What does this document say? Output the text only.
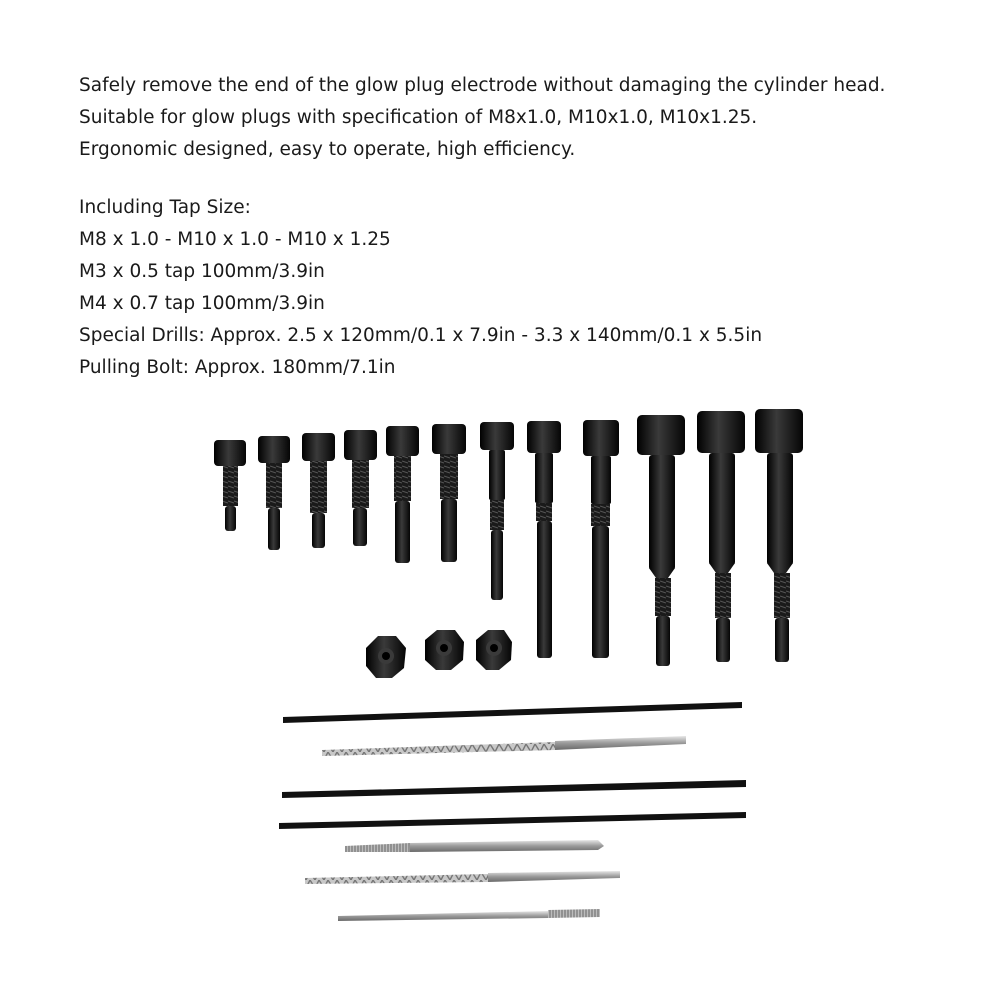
Safely remove the end of the glow plug electrode without damaging the cylinder head.

Suitable for glow plugs with specification of M8x1.0, M10x1.0, M10x1.25.

Ergonomic designed, easy to operate, high efficiency.

Including Tap Size:

M8 x 1.0 - M10 x 1.0 - M10 x 1.25

M3 x 0.5 tap 100mm/3.9in

M4 x 0.7 tap 100mm/3.9in

Special Drills: Approx. 2.5 x 120mm/0.1 x 7.9in - 3.3 x 140mm/0.1 x 5.5in

Pulling Bolt: Approx. 180mm/7.1in
